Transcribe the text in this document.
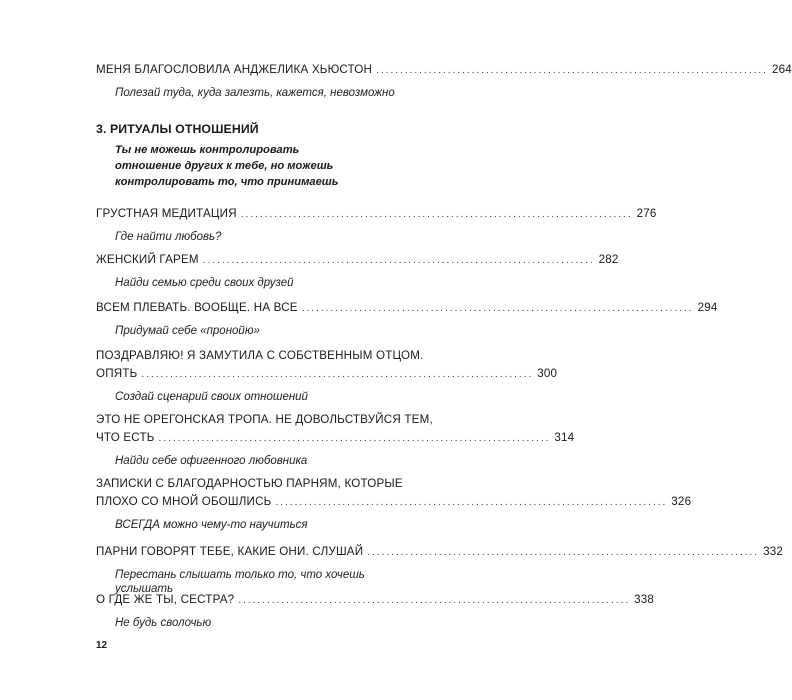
МЕНЯ БЛАГОСЛОВИЛА АНДЖЕЛИКА ХЬЮСТОН .................................................................................. 264
Полезай туда, куда залезть, кажется, невозможно
3. РИТУАЛЫ ОТНОШЕНИЙ
Ты не можешь контролировать отношение других к тебе, но можешь контролировать то, что принимаешь
ГРУСТНАЯ МЕДИТАЦИЯ .................................................................................. 276
Где найти любовь?
ЖЕНСКИЙ ГАРЕМ .................................................................................. 282
Найди семью среди своих друзей
ВСЕМ ПЛЕВАТЬ. ВООБЩЕ. НА ВСЕ .................................................................................. 294
Придумай себе «пронойю»
ПОЗДРАВЛЯЮ! Я ЗАМУТИЛА С СОБСТВЕННЫМ ОТЦОМ.
ОПЯТЬ .................................................................................. 300
Создай сценарий своих отношений
ЭТО НЕ ОРЕГОНСКАЯ ТРОПА. НЕ ДОВОЛЬСТВУЙСЯ ТЕМ,
ЧТО ЕСТЬ .................................................................................. 314
Найди себе офигенного любовника
ЗАПИСКИ С БЛАГОДАРНОСТЬЮ ПАРНЯМ, КОТОРЫЕ
ПЛОХО СО МНОЙ ОБОШЛИСЬ .................................................................................. 326
ВСЕГДА можно чему-то научиться
ПАРНИ ГОВОРЯТ ТЕБЕ, КАКИЕ ОНИ. СЛУШАЙ .................................................................................. 332
Перестань слышать только то, что хочешь услышать
О ГДЕ ЖЕ ТЫ, СЕСТРА? .................................................................................. 338
Не будь сволочью
12
